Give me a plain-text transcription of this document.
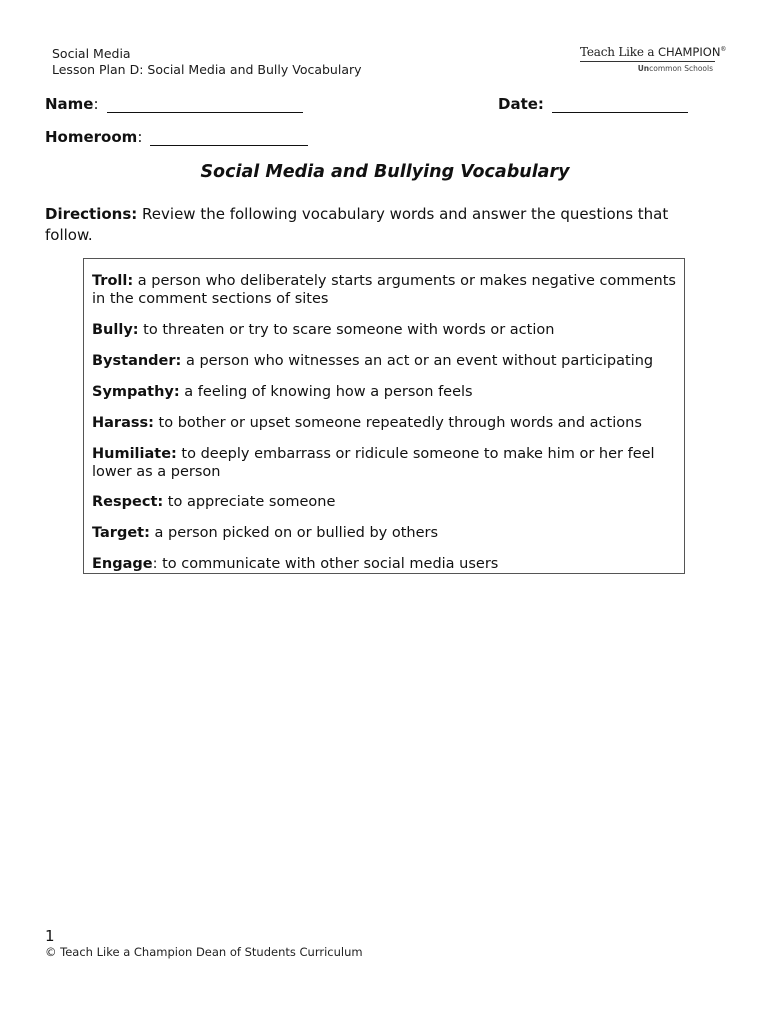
Social Media
Lesson Plan D: Social Media and Bully Vocabulary
Teach Like a CHAMPION®
Uncommon Schools
Name:	Date:
Homeroom:
Social Media and Bullying Vocabulary
Directions: Review the following vocabulary words and answer the questions that follow.
Troll: a person who deliberately starts arguments or makes negative comments in the comment sections of sites
Bully: to threaten or try to scare someone with words or action
Bystander: a person who witnesses an act or an event without participating
Sympathy: a feeling of knowing how a person feels
Harass: to bother or upset someone repeatedly through words and actions
Humiliate: to deeply embarrass or ridicule someone to make him or her feel lower as a person
Respect: to appreciate someone
Target: a person picked on or bullied by others
Engage: to communicate with other social media users
1
© Teach Like a Champion Dean of Students Curriculum
